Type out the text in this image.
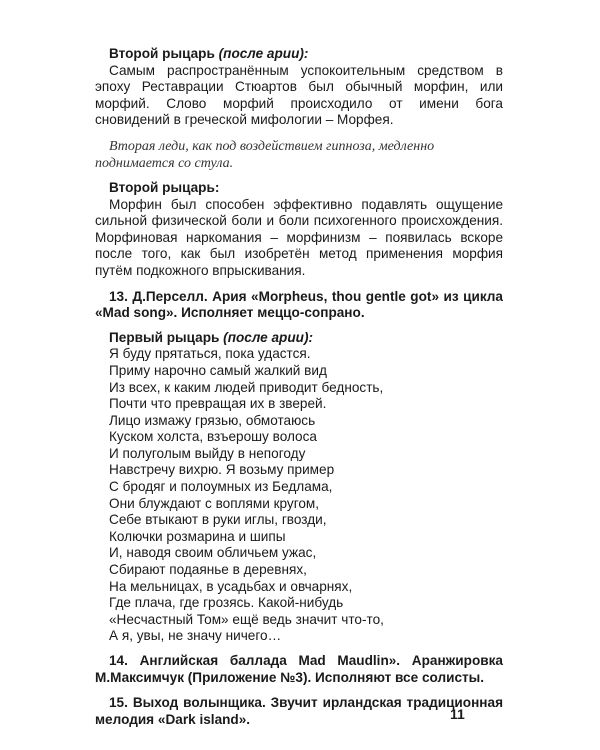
Второй рыцарь (после арии):
Самым распространённым успокоительным средством в эпоху Реставрации Стюартов был обычный морфин, или морфий. Слово морфий происходило от имени бога сновидений в греческой мифологии – Морфея.
Вторая леди, как под воздействием гипноза, медленно поднимается со стула.
Второй рыцарь:
Морфин был способен эффективно подавлять ощущение сильной физической боли и боли психогенного происхождения. Морфиновая наркомания – морфинизм – появилась вскоре после того, как был изобретён метод применения морфия путём подкожного впрыскивания.
13. Д.Перселл. Ария «Morpheus, thou gentle got» из цикла «Mad song». Исполняет меццо-сопрано.
Первый рыцарь (после арии):
Я буду прятаться, пока удастся.
Приму нарочно самый жалкий вид
Из всех, к каким людей приводит бедность,
Почти что превращая их в зверей.
Лицо измажу грязью, обмотаюсь
Куском холста, взъерошу волоса
И полуголым выйду в непогоду
Навстречу вихрю. Я возьму пример
С бродяг и полоумных из Бедлама,
Они блуждают с воплями кругом,
Себе втыкают в руки иглы, гвозди,
Колючки розмарина и шипы
И, наводя своим обличьем ужас,
Сбирают подаянье в деревнях,
На мельницах, в усадьбах и овчарнях,
Где плача, где грозясь. Какой-нибудь
«Несчастный Том» ещё ведь значит что-то,
А я, увы, не значу ничего…
14. Английская баллада Mad Maudlin». Аранжировка М.Максимчук (Приложение №3). Исполняют все солисты.
15. Выход волынщика. Звучит ирландская традиционная мелодия «Dark island».	11
